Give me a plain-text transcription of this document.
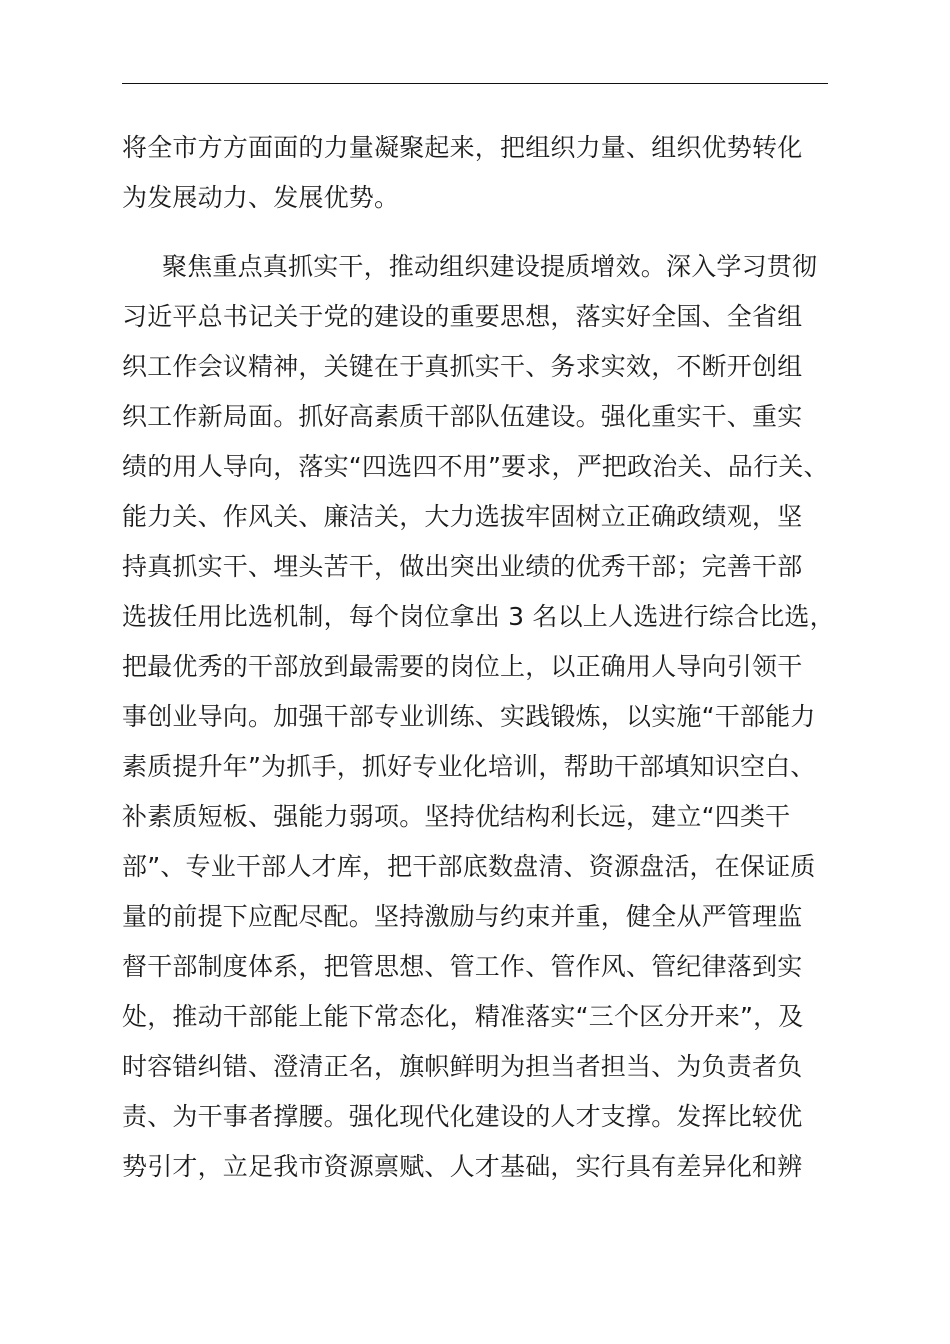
将全市方方面面的力量凝聚起来，把组织力量、组织优势转化
为发展动力、发展优势。
聚焦重点真抓实干，推动组织建设提质增效。深入学习贯彻
习近平总书记关于党的建设的重要思想，落实好全国、全省组
织工作会议精神，关键在于真抓实干、务求实效，不断开创组
织工作新局面。抓好高素质干部队伍建设。强化重实干、重实
绩的用人导向，落实“四选四不用”要求，严把政治关、品行关、
能力关、作风关、廉洁关，大力选拔牢固树立正确政绩观，坚
持真抓实干、埋头苦干，做出突出业绩的优秀干部；完善干部
选拔任用比选机制，每个岗位拿出 3 名以上人选进行综合比选，
把最优秀的干部放到最需要的岗位上，以正确用人导向引领干
事创业导向。加强干部专业训练、实践锻炼，以实施“干部能力
素质提升年”为抓手，抓好专业化培训，帮助干部填知识空白、
补素质短板、强能力弱项。坚持优结构利长远，建立“四类干
部”、专业干部人才库，把干部底数盘清、资源盘活，在保证质
量的前提下应配尽配。坚持激励与约束并重，健全从严管理监
督干部制度体系，把管思想、管工作、管作风、管纪律落到实
处，推动干部能上能下常态化，精准落实“三个区分开来”，及
时容错纠错、澄清正名，旗帜鲜明为担当者担当、为负责者负
责、为干事者撑腰。强化现代化建设的人才支撑。发挥比较优
势引才，立足我市资源禀赋、人才基础，实行具有差异化和辨
